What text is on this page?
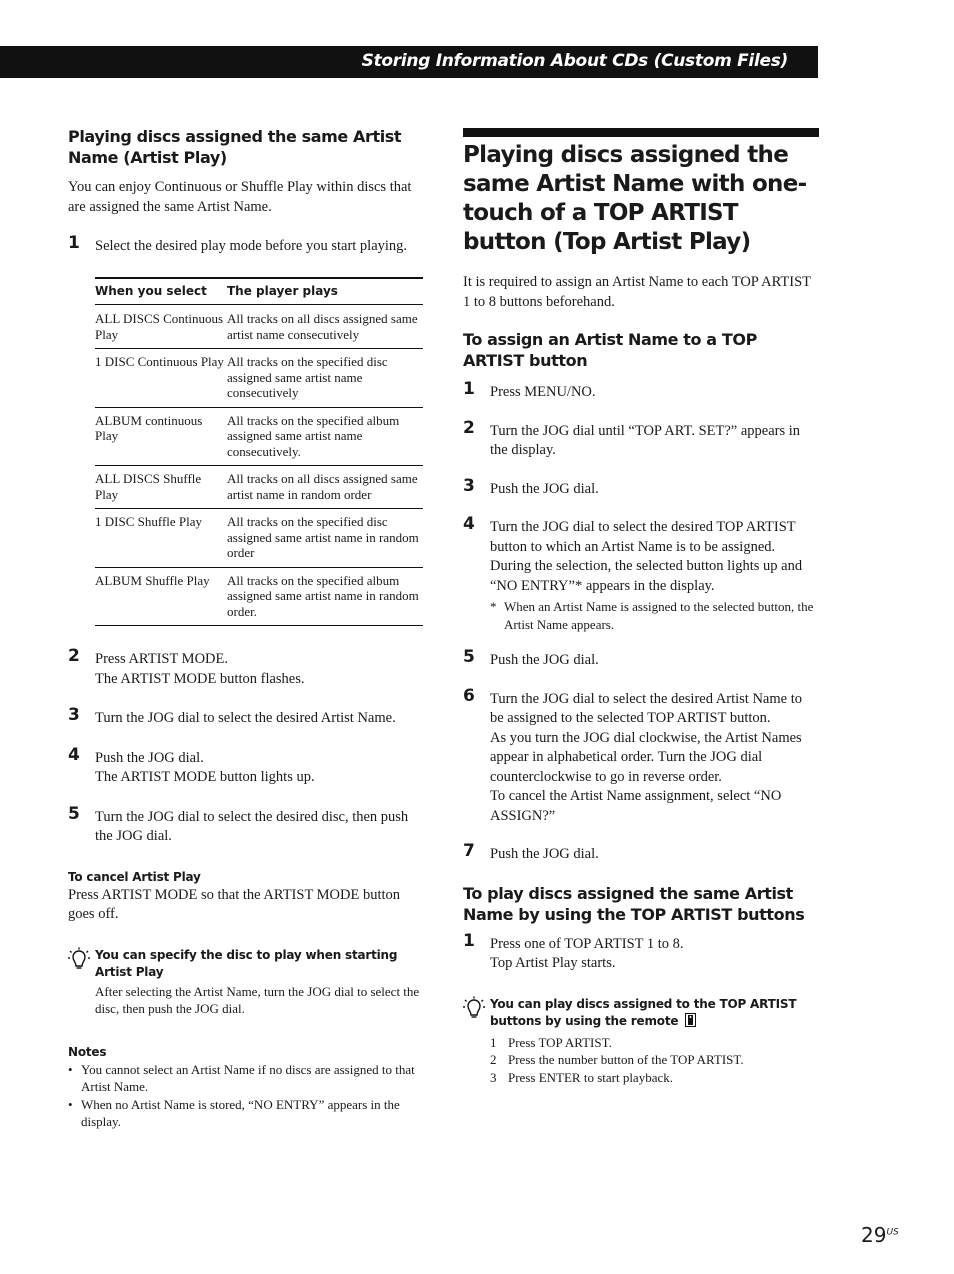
Storing Information About CDs (Custom Files)
Playing discs assigned the same Artist Name (Artist Play)

You can enjoy Continuous or Shuffle Play within discs that are assigned the same Artist Name.

1 Select the desired play mode before you start playing.
When you select	The player plays
ALL DISCS Continuous Play	All tracks on all discs assigned same artist name consecutively
1 DISC Continuous Play	All tracks on the specified disc assigned same artist name consecutively
ALBUM continuous Play	All tracks on the specified album assigned same artist name consecutively.
ALL DISCS Shuffle Play	All tracks on all discs assigned same artist name in random order
1 DISC Shuffle Play	All tracks on the specified disc assigned same artist name in random order
ALBUM Shuffle Play	All tracks on the specified album assigned same artist name in random order.
2 Press ARTIST MODE.
The ARTIST MODE button flashes.
3 Turn the JOG dial to select the desired Artist Name.
4 Push the JOG dial.
The ARTIST MODE button lights up.
5 Turn the JOG dial to select the desired disc, then push the JOG dial.
To cancel Artist Play

Press ARTIST MODE so that the ARTIST MODE button goes off.

You can specify the disc to play when starting Artist Play
After selecting the Artist Name, turn the JOG dial to select the disc, then push the JOG dial.
Notes
• You cannot select an Artist Name if no discs are assigned to that Artist Name.
• When no Artist Name is stored, “NO ENTRY” appears in the display.
Playing discs assigned the same Artist Name with one-touch of a TOP ARTIST button (Top Artist Play)

It is required to assign an Artist Name to each TOP ARTIST 1 to 8 buttons beforehand.

To assign an Artist Name to a TOP ARTIST button
1 Press MENU/NO.
2 Turn the JOG dial until “TOP ART. SET?” appears in the display.
3 Push the JOG dial.
4 Turn the JOG dial to select the desired TOP ARTIST button to which an Artist Name is to be assigned.
During the selection, the selected button lights up and “NO ENTRY”* appears in the display.
* When an Artist Name is assigned to the selected button, the Artist Name appears.
5 Push the JOG dial.
6 Turn the JOG dial to select the desired Artist Name to be assigned to the selected TOP ARTIST button.
As you turn the JOG dial clockwise, the Artist Names appear in alphabetical order. Turn the JOG dial counterclockwise to go in reverse order.
To cancel the Artist Name assignment, select “NO ASSIGN?”
7 Push the JOG dial.
To play discs assigned the same Artist Name by using the TOP ARTIST buttons
1 Press one of TOP ARTIST 1 to 8.
Top Artist Play starts.
You can play discs assigned to the TOP ARTIST buttons by using the remote
1 Press TOP ARTIST.
2 Press the number button of the TOP ARTIST.
3 Press ENTER to start playback.
$29^{US}$
